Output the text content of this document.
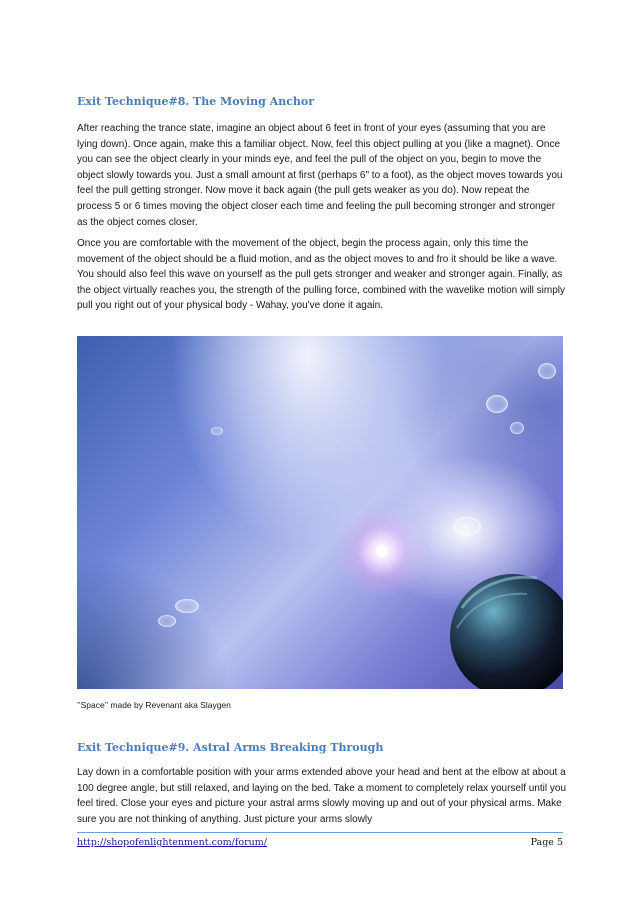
Exit Technique#8. The Moving Anchor

After reaching the trance state, imagine an object about 6 feet in front of your eyes (assuming that you are lying down). Once again, make this a familiar object. Now, feel this object pulling at you (like a magnet). Once you can see the object clearly in your minds eye, and feel the pull of the object on you, begin to move the object slowly towards you. Just a small amount at first (perhaps 6" to a foot), as the object moves towards you feel the pull getting stronger. Now move it back again (the pull gets weaker as you do). Now repeat the process 5 or 6 times moving the object closer each time and feeling the pull becoming stronger and stronger as the object comes closer.

Once you are comfortable with the movement of the object, begin the process again, only this time the movement of the object should be a fluid motion, and as the object moves to and fro it should be like a wave. You should also feel this wave on yourself as the pull gets stronger and weaker and stronger again. Finally, as the object virtually reaches you, the strength of the pulling force, combined with the wavelike motion will simply pull you right out of your physical body - Wahay, you've done it again.

’’Space’’ made by Revenant aka Slaygen
Exit Technique#9. Astral Arms Breaking Through

Lay down in a comfortable position with your arms extended above your head and bent at the elbow at about a 100 degree angle, but still relaxed, and laying on the bed. Take a moment to completely relax yourself until you feel tired. Close your eyes and picture your astral arms slowly moving up and out of your physical arms. Make sure you are not thinking of anything. Just picture your arms slowly

http://shopofenlightenment.com/forum/	Page 5
